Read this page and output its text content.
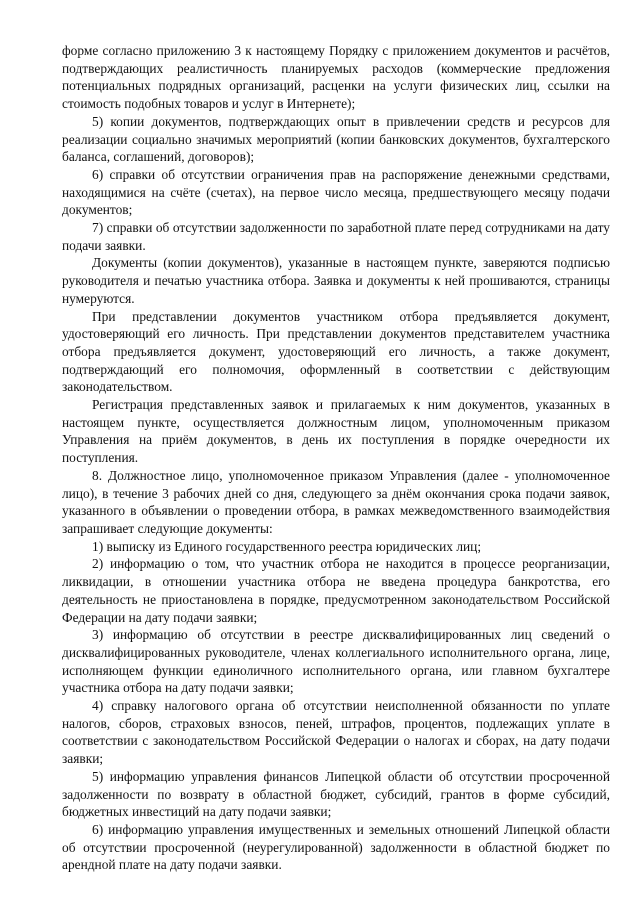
форме согласно приложению 3 к настоящему Порядку с приложением документов и расчётов, подтверждающих реалистичность планируемых расходов (коммерческие предложения потенциальных подрядных организаций, расценки на услуги физических лиц, ссылки на стоимость подобных товаров и услуг в Интернете);

5) копии документов, подтверждающих опыт в привлечении средств и ресурсов для реализации социально значимых мероприятий (копии банковских документов, бухгалтерского баланса, соглашений, договоров);

6) справки об отсутствии ограничения прав на распоряжение денежными средствами, находящимися на счёте (счетах), на первое число месяца, предшествующего месяцу подачи документов;

7) справки об отсутствии задолженности по заработной плате перед сотрудниками на дату подачи заявки.

Документы (копии документов), указанные в настоящем пункте, заверяются подписью руководителя и печатью участника отбора. Заявка и документы к ней прошиваются, страницы нумеруются.

При представлении документов участником отбора предъявляется документ, удостоверяющий его личность. При представлении документов представителем участника отбора предъявляется документ, удостоверяющий его личность, а также документ, подтверждающий его полномочия, оформленный в соответствии с действующим законодательством.

Регистрация представленных заявок и прилагаемых к ним документов, указанных в настоящем пункте, осуществляется должностным лицом, уполномоченным приказом Управления на приём документов, в день их поступления в порядке очередности их поступления.

8. Должностное лицо, уполномоченное приказом Управления (далее - уполномоченное лицо), в течение 3 рабочих дней со дня, следующего за днём окончания срока подачи заявок, указанного в объявлении о проведении отбора, в рамках межведомственного взаимодействия запрашивает следующие документы:

1) выписку из Единого государственного реестра юридических лиц;

2) информацию о том, что участник отбора не находится в процессе реорганизации, ликвидации, в отношении участника отбора не введена процедура банкротства, его деятельность не приостановлена в порядке, предусмотренном законодательством Российской Федерации на дату подачи заявки;

3) информацию об отсутствии в реестре дисквалифицированных лиц сведений о дисквалифицированных руководителе, членах коллегиального исполнительного органа, лице, исполняющем функции единоличного исполнительного органа, или главном бухгалтере участника отбора на дату подачи заявки;

4) справку налогового органа об отсутствии неисполненной обязанности по уплате налогов, сборов, страховых взносов, пеней, штрафов, процентов, подлежащих уплате в соответствии с законодательством Российской Федерации о налогах и сборах, на дату подачи заявки;

5) информацию управления финансов Липецкой области об отсутствии просроченной задолженности по возврату в областной бюджет, субсидий, грантов в форме субсидий, бюджетных инвестиций на дату подачи заявки;

6) информацию управления имущественных и земельных отношений Липецкой области об отсутствии просроченной (неурегулированной) задолженности в областной бюджет по арендной плате на дату подачи заявки.
